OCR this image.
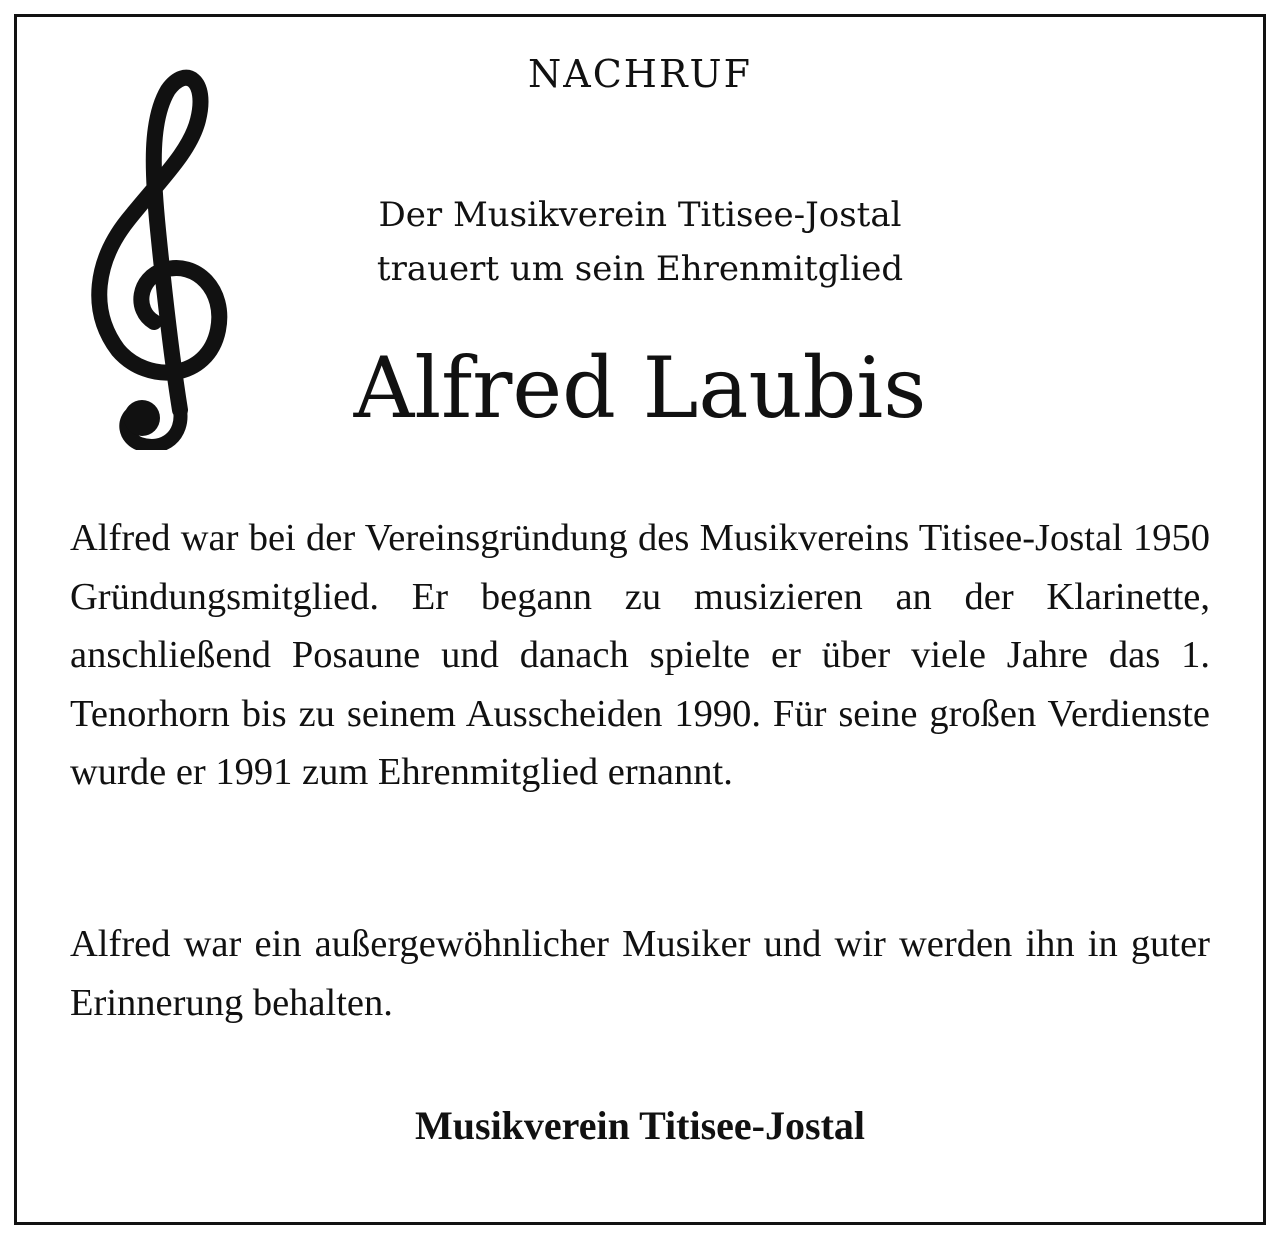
NACHRUF
Der Musikverein Titisee-Jostal
trauert um sein Ehrenmitglied
Alfred Laubis

Alfred war bei der Vereinsgründung des Musikvereins Titisee-Jostal 1950 Gründungsmitglied. Er begann zu musizieren an der Klarinette, anschließend Posaune und danach spielte er über viele Jahre das 1. Tenorhorn bis zu seinem Ausscheiden 1990. Für seine großen Verdienste wurde er 1991 zum Ehrenmitglied ernannt.

Alfred war ein außergewöhnlicher Musiker und wir werden ihn in guter Erinnerung behalten.

Musikverein Titisee-Jostal
